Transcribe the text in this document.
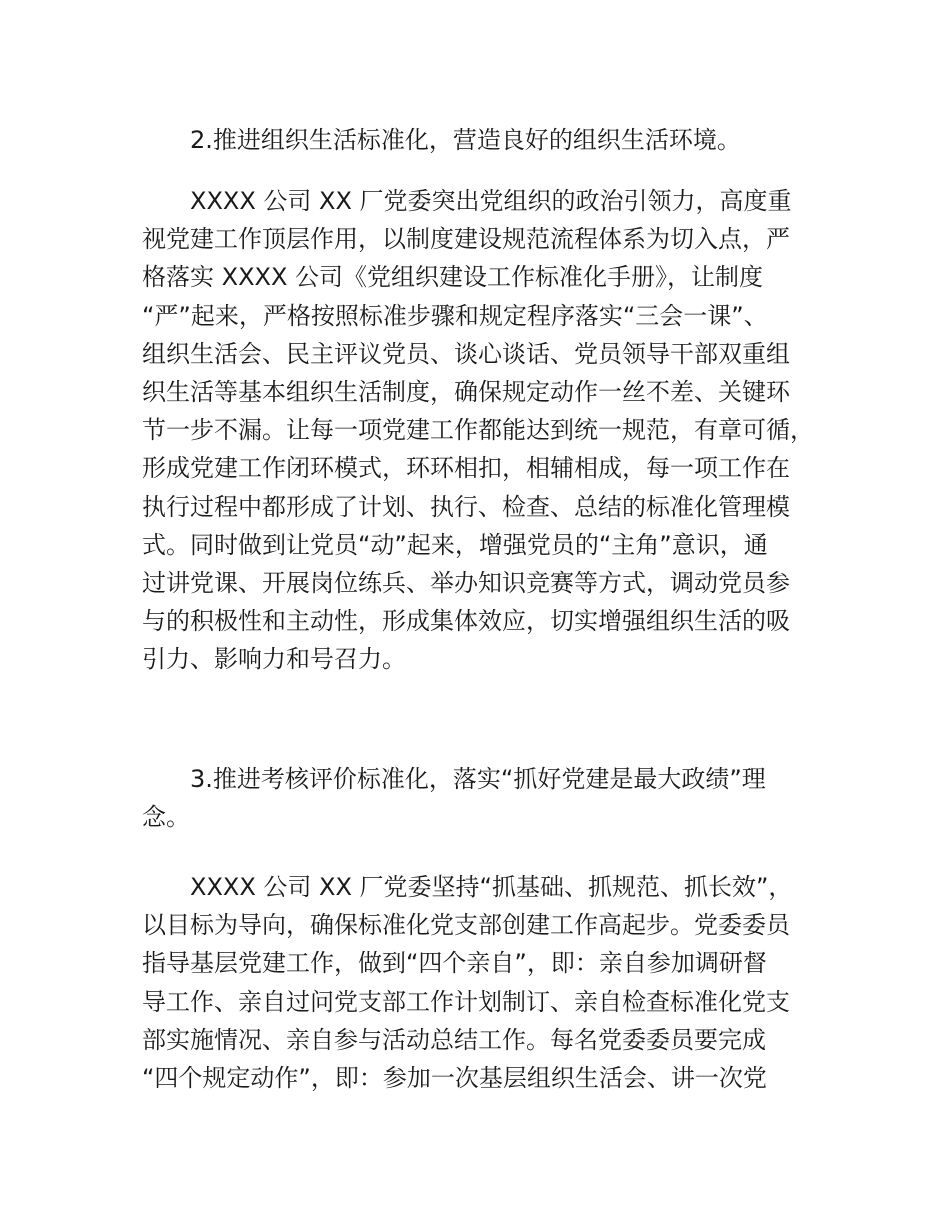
2.推进组织生活标准化，营造良好的组织生活环境。
XXXX 公司 XX 厂党委突出党组织的政治引领力，高度重
视党建工作顶层作用，以制度建设规范流程体系为切入点，严
格落实 XXXX 公司《党组织建设工作标准化手册》，让制度
“严”起来，严格按照标准步骤和规定程序落实“三会一课”、
组织生活会、民主评议党员、谈心谈话、党员领导干部双重组
织生活等基本组织生活制度，确保规定动作一丝不差、关键环
节一步不漏。让每一项党建工作都能达到统一规范，有章可循，
形成党建工作闭环模式，环环相扣，相辅相成，每一项工作在
执行过程中都形成了计划、执行、检查、总结的标准化管理模
式。同时做到让党员“动”起来，增强党员的“主角”意识，通
过讲党课、开展岗位练兵、举办知识竞赛等方式，调动党员参
与的积极性和主动性，形成集体效应，切实增强组织生活的吸
引力、影响力和号召力。
3.推进考核评价标准化，落实“抓好党建是最大政绩”理
念。
XXXX 公司 XX 厂党委坚持“抓基础、抓规范、抓长效”，
以目标为导向，确保标准化党支部创建工作高起步。党委委员
指导基层党建工作，做到“四个亲自”，即：亲自参加调研督
导工作、亲自过问党支部工作计划制订、亲自检查标准化党支
部实施情况、亲自参与活动总结工作。每名党委委员要完成
“四个规定动作”，即：参加一次基层组织生活会、讲一次党
